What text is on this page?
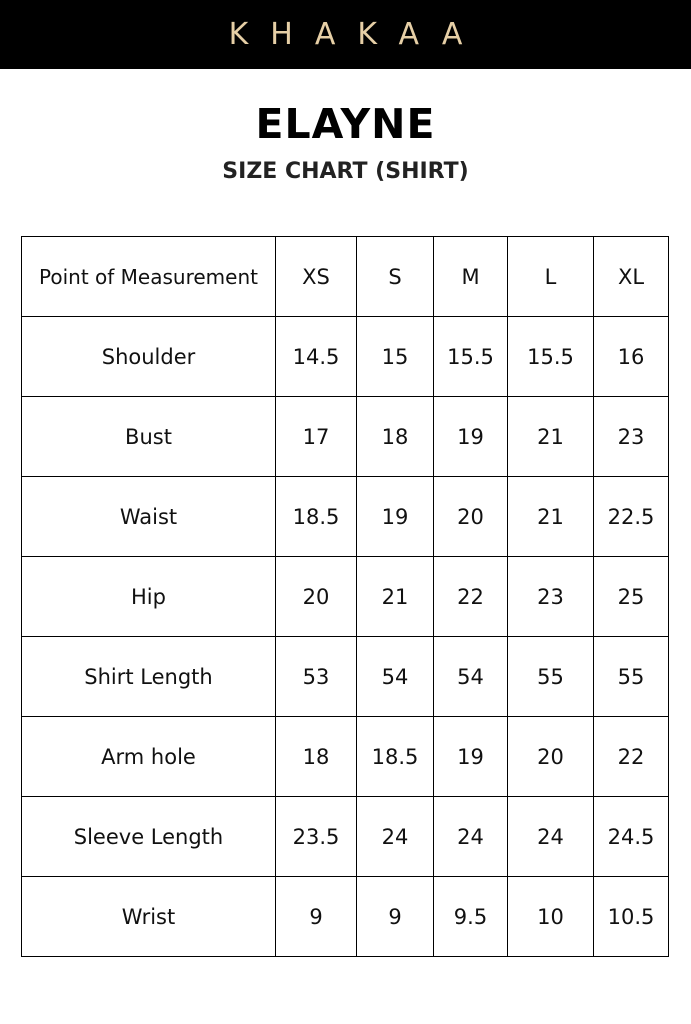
KHAKAA
ELAYNE
SIZE CHART (SHIRT)
Point of Measurement	XS	S	M	L	XL
Shoulder	14.5	15	15.5	15.5	16
Bust	17	18	19	21	23
Waist	18.5	19	20	21	22.5
Hip	20	21	22	23	25
Shirt Length	53	54	54	55	55
Arm hole	18	18.5	19	20	22
Sleeve Length	23.5	24	24	24	24.5
Wrist	9	9	9.5	10	10.5
